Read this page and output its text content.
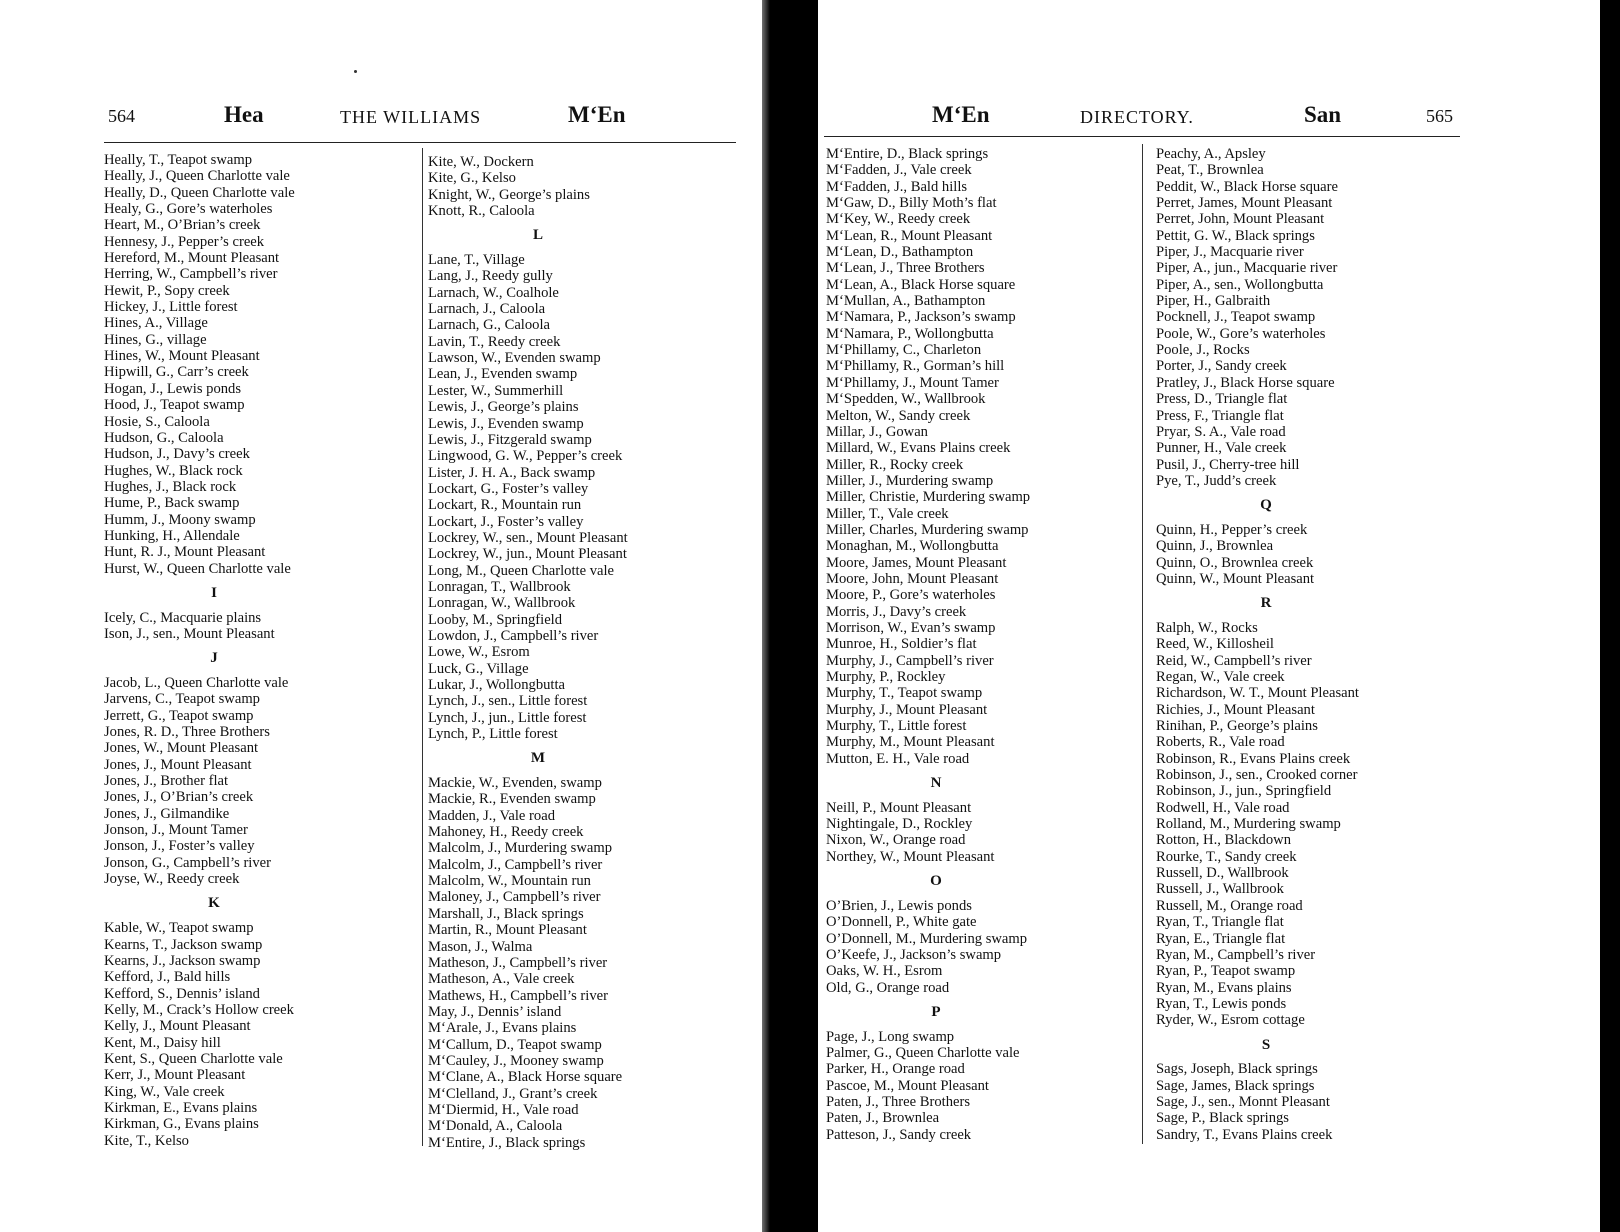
564	Hea	THE WILLIAMS	M‘En
Heally, T., Teapot swamp
Heally, J., Queen Charlotte vale
Heally, D., Queen Charlotte vale
Healy, G., Gore’s waterholes
Heart, M., O’Brian’s creek
Hennesy, J., Pepper’s creek
Hereford, M., Mount Pleasant
Herring, W., Campbell’s river
Hewit, P., Sopy creek
Hickey, J., Little forest
Hines, A., Village
Hines, G., village
Hines, W., Mount Pleasant
Hipwill, G., Carr’s creek
Hogan, J., Lewis ponds
Hood, J., Teapot swamp
Hosie, S., Caloola
Hudson, G., Caloola
Hudson, J., Davy’s creek
Hughes, W., Black rock
Hughes, J., Black rock
Hume, P., Back swamp
Humm, J., Moony swamp
Hunking, H., Allendale
Hunt, R. J., Mount Pleasant
Hurst, W., Queen Charlotte vale
I
Icely, C., Macquarie plains
Ison, J., sen., Mount Pleasant
J
Jacob, L., Queen Charlotte vale
Jarvens, C., Teapot swamp
Jerrett, G., Teapot swamp
Jones, R. D., Three Brothers
Jones, W., Mount Pleasant
Jones, J., Mount Pleasant
Jones, J., Brother flat
Jones, J., O’Brian’s creek
Jones, J., Gilmandike
Jonson, J., Mount Tamer
Jonson, J., Foster’s valley
Jonson, G., Campbell’s river
Joyse, W., Reedy creek
K
Kable, W., Teapot swamp
Kearns, T., Jackson swamp
Kearns, J., Jackson swamp
Kefford, J., Bald hills
Kefford, S., Dennis’ island
Kelly, M., Crack’s Hollow creek
Kelly, J., Mount Pleasant
Kent, M., Daisy hill
Kent, S., Queen Charlotte vale
Kerr, J., Mount Pleasant
King, W., Vale creek
Kirkman, E., Evans plains
Kirkman, G., Evans plains
Kite, T., Kelso
Kite, W., Dockern
Kite, G., Kelso
Knight, W., George’s plains
Knott, R., Caloola
L
Lane, T., Village
Lang, J., Reedy gully
Larnach, W., Coalhole
Larnach, J., Caloola
Larnach, G., Caloola
Lavin, T., Reedy creek
Lawson, W., Evenden swamp
Lean, J., Evenden swamp
Lester, W., Summerhill
Lewis, J., George’s plains
Lewis, J., Evenden swamp
Lewis, J., Fitzgerald swamp
Lingwood, G. W., Pepper’s creek
Lister, J. H. A., Back swamp
Lockart, G., Foster’s valley
Lockart, R., Mountain run
Lockart, J., Foster’s valley
Lockrey, W., sen., Mount Pleasant
Lockrey, W., jun., Mount Pleasant
Long, M., Queen Charlotte vale
Lonragan, T., Wallbrook
Lonragan, W., Wallbrook
Looby, M., Springfield
Lowdon, J., Campbell’s river
Lowe, W., Esrom
Luck, G., Village
Lukar, J., Wollongbutta
Lynch, J., sen., Little forest
Lynch, J., jun., Little forest
Lynch, P., Little forest
M
Mackie, W., Evenden, swamp
Mackie, R., Evenden swamp
Madden, J., Vale road
Mahoney, H., Reedy creek
Malcolm, J., Murdering swamp
Malcolm, J., Campbell’s river
Malcolm, W., Mountain run
Maloney, J., Campbell’s river
Marshall, J., Black springs
Martin, R., Mount Pleasant
Mason, J., Walma
Matheson, J., Campbell’s river
Matheson, A., Vale creek
Mathews, H., Campbell’s river
May, J., Dennis’ island
M‘Arale, J., Evans plains
M‘Callum, D., Teapot swamp
M‘Cauley, J., Mooney swamp
M‘Clane, A., Black Horse square
M‘Clelland, J., Grant’s creek
M‘Diermid, H., Vale road
M‘Donald, A., Caloola
M‘Entire, J., Black springs
M‘En	DIRECTORY.	San	565
M‘Entire, D., Black springs
M‘Fadden, J., Vale creek
M‘Fadden, J., Bald hills
M‘Gaw, D., Billy Moth’s flat
M‘Key, W., Reedy creek
M‘Lean, R., Mount Pleasant
M‘Lean, D., Bathampton
M‘Lean, J., Three Brothers
M‘Lean, A., Black Horse square
M‘Mullan, A., Bathampton
M‘Namara, P., Jackson’s swamp
M‘Namara, P., Wollongbutta
M‘Phillamy, C., Charleton
M‘Phillamy, R., Gorman’s hill
M‘Phillamy, J., Mount Tamer
M‘Spedden, W., Wallbrook
Melton, W., Sandy creek
Millar, J., Gowan
Millard, W., Evans Plains creek
Miller, R., Rocky creek
Miller, J., Murdering swamp
Miller, Christie, Murdering swamp
Miller, T., Vale creek
Miller, Charles, Murdering swamp
Monaghan, M., Wollongbutta
Moore, James, Mount Pleasant
Moore, John, Mount Pleasant
Moore, P., Gore’s waterholes
Morris, J., Davy’s creek
Morrison, W., Evan’s swamp
Munroe, H., Soldier’s flat
Murphy, J., Campbell’s river
Murphy, P., Rockley
Murphy, T., Teapot swamp
Murphy, J., Mount Pleasant
Murphy, T., Little forest
Murphy, M., Mount Pleasant
Mutton, E. H., Vale road
N
Neill, P., Mount Pleasant
Nightingale, D., Rockley
Nixon, W., Orange road
Northey, W., Mount Pleasant
O
O’Brien, J., Lewis ponds
O’Donnell, P., White gate
O’Donnell, M., Murdering swamp
O’Keefe, J., Jackson’s swamp
Oaks, W. H., Esrom
Old, G., Orange road
P
Page, J., Long swamp
Palmer, G., Queen Charlotte vale
Parker, H., Orange road
Pascoe, M., Mount Pleasant
Paten, J., Three Brothers
Paten, J., Brownlea
Patteson, J., Sandy creek
Peachy, A., Apsley
Peat, T., Brownlea
Peddit, W., Black Horse square
Perret, James, Mount Pleasant
Perret, John, Mount Pleasant
Pettit, G. W., Black springs
Piper, J., Macquarie river
Piper, A., jun., Macquarie river
Piper, A., sen., Wollongbutta
Piper, H., Galbraith
Pocknell, J., Teapot swamp
Poole, W., Gore’s waterholes
Poole, J., Rocks
Porter, J., Sandy creek
Pratley, J., Black Horse square
Press, D., Triangle flat
Press, F., Triangle flat
Pryar, S. A., Vale road
Punner, H., Vale creek
Pusil, J., Cherry-tree hill
Pye, T., Judd’s creek
Q
Quinn, H., Pepper’s creek
Quinn, J., Brownlea
Quinn, O., Brownlea creek
Quinn, W., Mount Pleasant
R
Ralph, W., Rocks
Reed, W., Killosheil
Reid, W., Campbell’s river
Regan, W., Vale creek
Richardson, W. T., Mount Pleasant
Richies, J., Mount Pleasant
Rinihan, P., George’s plains
Roberts, R., Vale road
Robinson, R., Evans Plains creek
Robinson, J., sen., Crooked corner
Robinson, J., jun., Springfield
Rodwell, H., Vale road
Rolland, M., Murdering swamp
Rotton, H., Blackdown
Rourke, T., Sandy creek
Russell, D., Wallbrook
Russell, J., Wallbrook
Russell, M., Orange road
Ryan, T., Triangle flat
Ryan, E., Triangle flat
Ryan, M., Campbell’s river
Ryan, P., Teapot swamp
Ryan, M., Evans plains
Ryan, T., Lewis ponds
Ryder, W., Esrom cottage
S
Sags, Joseph, Black springs
Sage, James, Black springs
Sage, J., sen., Monnt Pleasant
Sage, P., Black springs
Sandry, T., Evans Plains creek
